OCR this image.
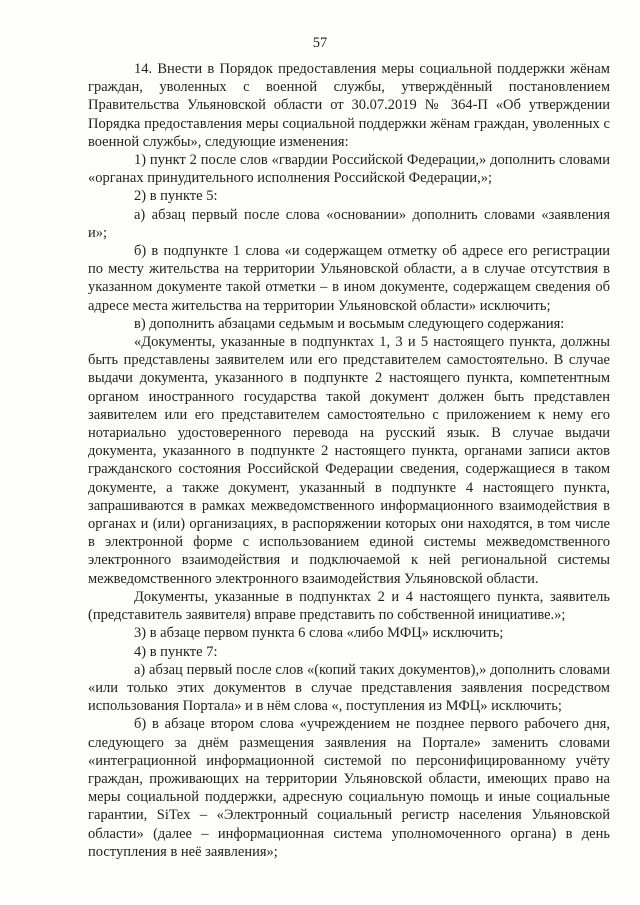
57

14. Внести в Порядок предоставления меры социальной поддержки жёнам граждан, уволенных с военной службы, утверждённый постановлением Правительства Ульяновской области от 30.07.2019 № 364-П «Об утверждении Порядка предоставления меры социальной поддержки жёнам граждан, уволенных с военной службы», следующие изменения:

1) пункт 2 после слов «гвардии Российской Федерации,» дополнить словами «органах принудительного исполнения Российской Федерации,»;

2) в пункте 5:

а) абзац первый после слова «основании» дополнить словами «заявления и»;

б) в подпункте 1 слова «и содержащем отметку об адресе его регистрации по месту жительства на территории Ульяновской области, а в случае отсутствия в указанном документе такой отметки – в ином документе, содержащем сведения об адресе места жительства на территории Ульяновской области» исключить;

в) дополнить абзацами седьмым и восьмым следующего содержания:

«Документы, указанные в подпунктах 1, 3 и 5 настоящего пункта, должны быть представлены заявителем или его представителем самостоятельно. В случае выдачи документа, указанного в подпункте 2 настоящего пункта, компетентным органом иностранного государства такой документ должен быть представлен заявителем или его представителем самостоятельно с приложением к нему его нотариально удостоверенного перевода на русский язык. В случае выдачи документа, указанного в подпункте 2 настоящего пункта, органами записи актов гражданского состояния Российской Федерации сведения, содержащиеся в таком документе, а также документ, указанный в подпункте 4 настоящего пункта, запрашиваются в рамках межведомственного информационного взаимодействия в органах и (или) организациях, в распоряжении которых они находятся, в том числе в электронной форме с использованием единой системы межведомственного электронного взаимодействия и подключаемой к ней региональной системы межведомственного электронного взаимодействия Ульяновской области.

Документы, указанные в подпунктах 2 и 4 настоящего пункта, заявитель (представитель заявителя) вправе представить по собственной инициативе.»;

3) в абзаце первом пункта 6 слова «либо МФЦ» исключить;

4) в пункте 7:

а) абзац первый после слов «(копий таких документов),» дополнить словами «или только этих документов в случае представления заявления посредством использования Портала» и в нём слова «, поступления из МФЦ» исключить;

б) в абзаце втором слова «учреждением не позднее первого рабочего дня, следующего за днём размещения заявления на Портале» заменить словами «интеграционной информационной системой по персонифицированному учёту граждан, проживающих на территории Ульяновской области, имеющих право на меры социальной поддержки, адресную социальную помощь и иные социальные гарантии, SiTex – «Электронный социальный регистр населения Ульяновской области» (далее – информационная система уполномоченного органа) в день поступления в неё заявления»;
